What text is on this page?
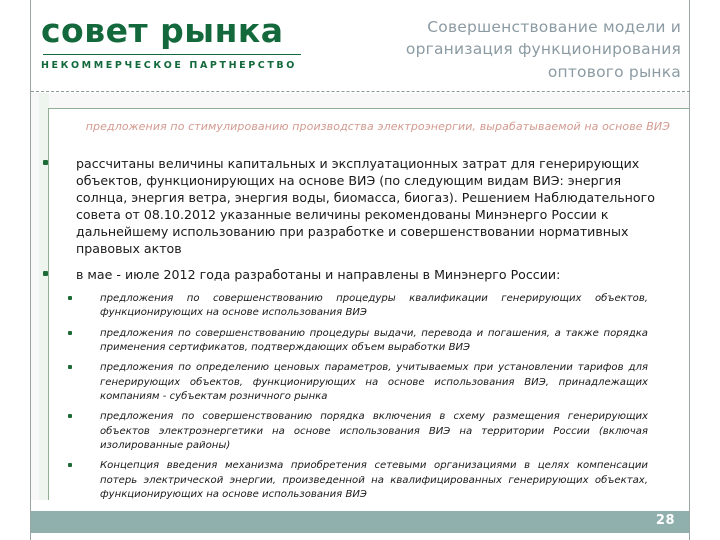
совет рынка
НЕКОММЕРЧЕСКОЕ ПАРТНЕРСТВО
Совершенствование модели и организация функционирования оптового рынка
предложения по стимулированию производства электроэнергии, вырабатываемой на основе ВИЭ
рассчитаны величины капитальных и эксплуатационных затрат для генерирующих объектов, функционирующих на основе ВИЭ (по следующим видам ВИЭ: энергия солнца, энергия ветра, энергия воды, биомасса, биогаз). Решением Наблюдательного совета от 08.10.2012 указанные величины рекомендованы Минэнерго России к дальнейшему использованию при разработке и совершенствовании нормативных правовых актов
в мае - июле 2012 года разработаны и направлены в Минэнерго России:
предложения по совершенствованию процедуры квалификации генерирующих объектов, функционирующих на основе использования ВИЭ
предложения по совершенствованию процедуры выдачи, перевода и погашения, а также порядка применения сертификатов, подтверждающих объем выработки ВИЭ
предложения по определению ценовых параметров, учитываемых при установлении тарифов для генерирующих объектов, функционирующих на основе использования ВИЭ, принадлежащих компаниям - субъектам розничного рынка
предложения по совершенствованию порядка включения в схему размещения генерирующих объектов электроэнергетики на основе использования ВИЭ на территории России (включая изолированные районы)
Концепция введения механизма приобретения сетевыми организациями в целях компенсации потерь электрической энергии, произведенной на квалифицированных генерирующих объектах, функционирующих на основе использования ВИЭ
28
